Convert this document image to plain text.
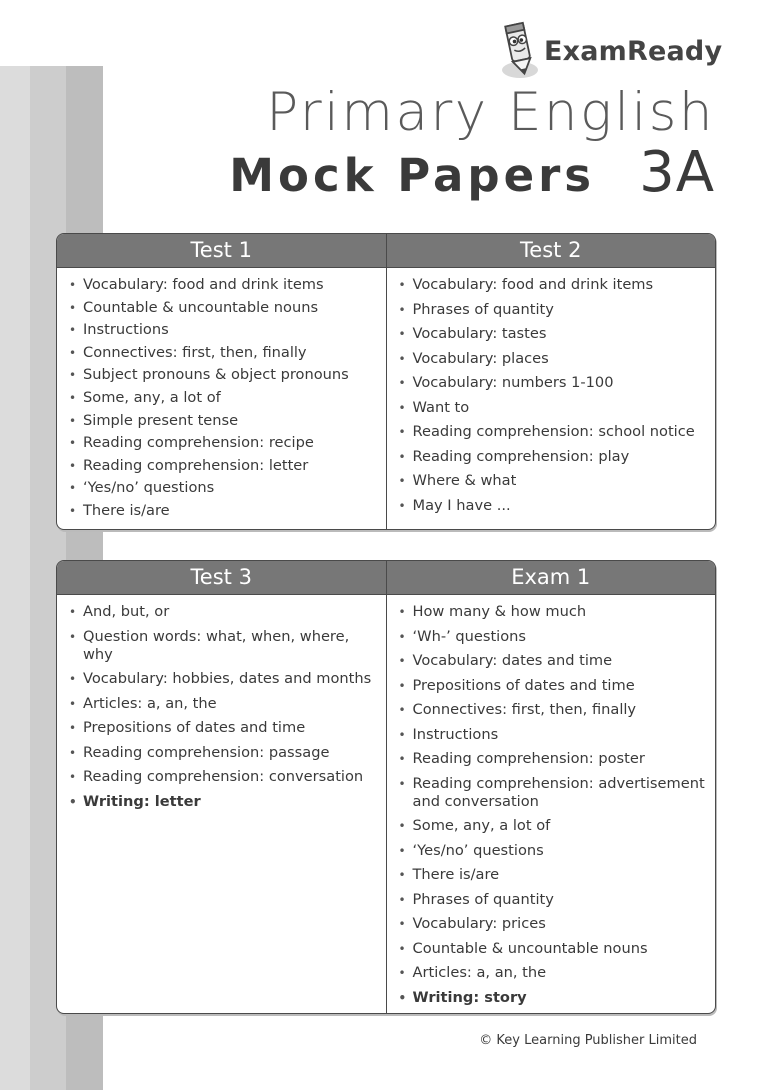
ExamReady
Primary English
Mock Papers 3A
Test 1
• Vocabulary: food and drink items
• Countable & uncountable nouns
• Instructions
• Connectives: first, then, finally
• Subject pronouns & object pronouns
• Some, any, a lot of
• Simple present tense
• Reading comprehension: recipe
• Reading comprehension: letter
• ‘Yes/no’ questions
• There is/are
Test 2
• Vocabulary: food and drink items
• Phrases of quantity
• Vocabulary: tastes
• Vocabulary: places
• Vocabulary: numbers 1-100
• Want to
• Reading comprehension: school notice
• Reading comprehension: play
• Where & what
• May I have ...
Test 3
• And, but, or
• Question words: what, when, where, why
• Vocabulary: hobbies, dates and months
• Articles: a, an, the
• Prepositions of dates and time
• Reading comprehension: passage
• Reading comprehension: conversation
• Writing: letter
Exam 1
• How many & how much
• ‘Wh-’ questions
• Vocabulary: dates and time
• Prepositions of dates and time
• Connectives: first, then, finally
• Instructions
• Reading comprehension: poster
• Reading comprehension: advertisement and conversation
• Some, any, a lot of
• ‘Yes/no’ questions
• There is/are
• Phrases of quantity
• Vocabulary: prices
• Countable & uncountable nouns
• Articles: a, an, the
• Writing: story
© Key Learning Publisher Limited
